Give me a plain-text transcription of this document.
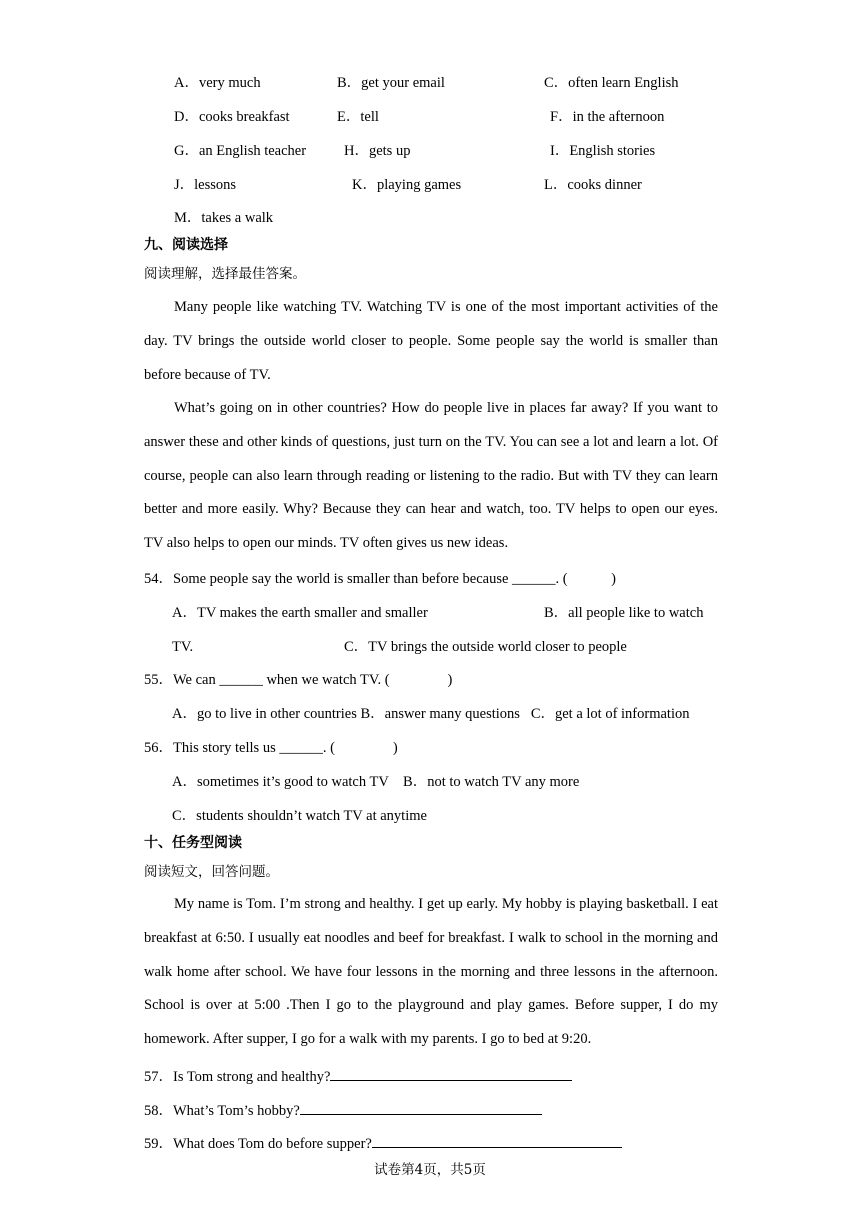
A．very much	B．get your email	C．often learn English
D．cooks breakfast	E．tell	F．in the afternoon
G．an English teacher	H．gets up	I．English stories
J．lessons	K．playing games	L．cooks dinner
M．takes a walk
九、阅读选择
阅读理解，选择最佳答案。

Many people like watching TV. Watching TV is one of the most important activities of the day. TV brings the outside world closer to people. Some people say the world is smaller than before because of TV.

What’s going on in other countries? How do people live in places far away? If you want to answer these and other kinds of questions, just turn on the TV. You can see a lot and learn a lot. Of course, people can also learn through reading or listening to the radio. But with TV they can learn better and more easily. Why? Because they can hear and watch, too. TV helps to open our eyes. TV also helps to open our minds. TV often gives us new ideas.

54．Some people say the world is smaller than before because ______. (　　　)
A．TV makes the earth smaller and smaller	B．all people like to watch
TV.	C．TV brings the outside world closer to people
55．We can ______ when we watch TV. (　　　　)
A．go to live in other countries B．answer many questions   C．get a lot of information
56．This story tells us ______. (　　　　)
A．sometimes it’s good to watch TV    B．not to watch TV any more
C．students shouldn’t watch TV at anytime
十、任务型阅读
阅读短文，回答问题。

My name is Tom. I’m strong and healthy. I get up early. My hobby is playing basketball. I eat breakfast at 6:50. I usually eat noodles and beef for breakfast. I walk to school in the morning and walk home after school. We have four lessons in the morning and three lessons in the afternoon. School is over at 5:00 .Then I go to the playground and play games. Before supper, I do my homework. After supper, I go for a walk with my parents. I go to bed at 9:20.

57．Is Tom strong and healthy?
58．What’s Tom’s hobby?
59．What does Tom do before supper?
试卷第4页，共5页
